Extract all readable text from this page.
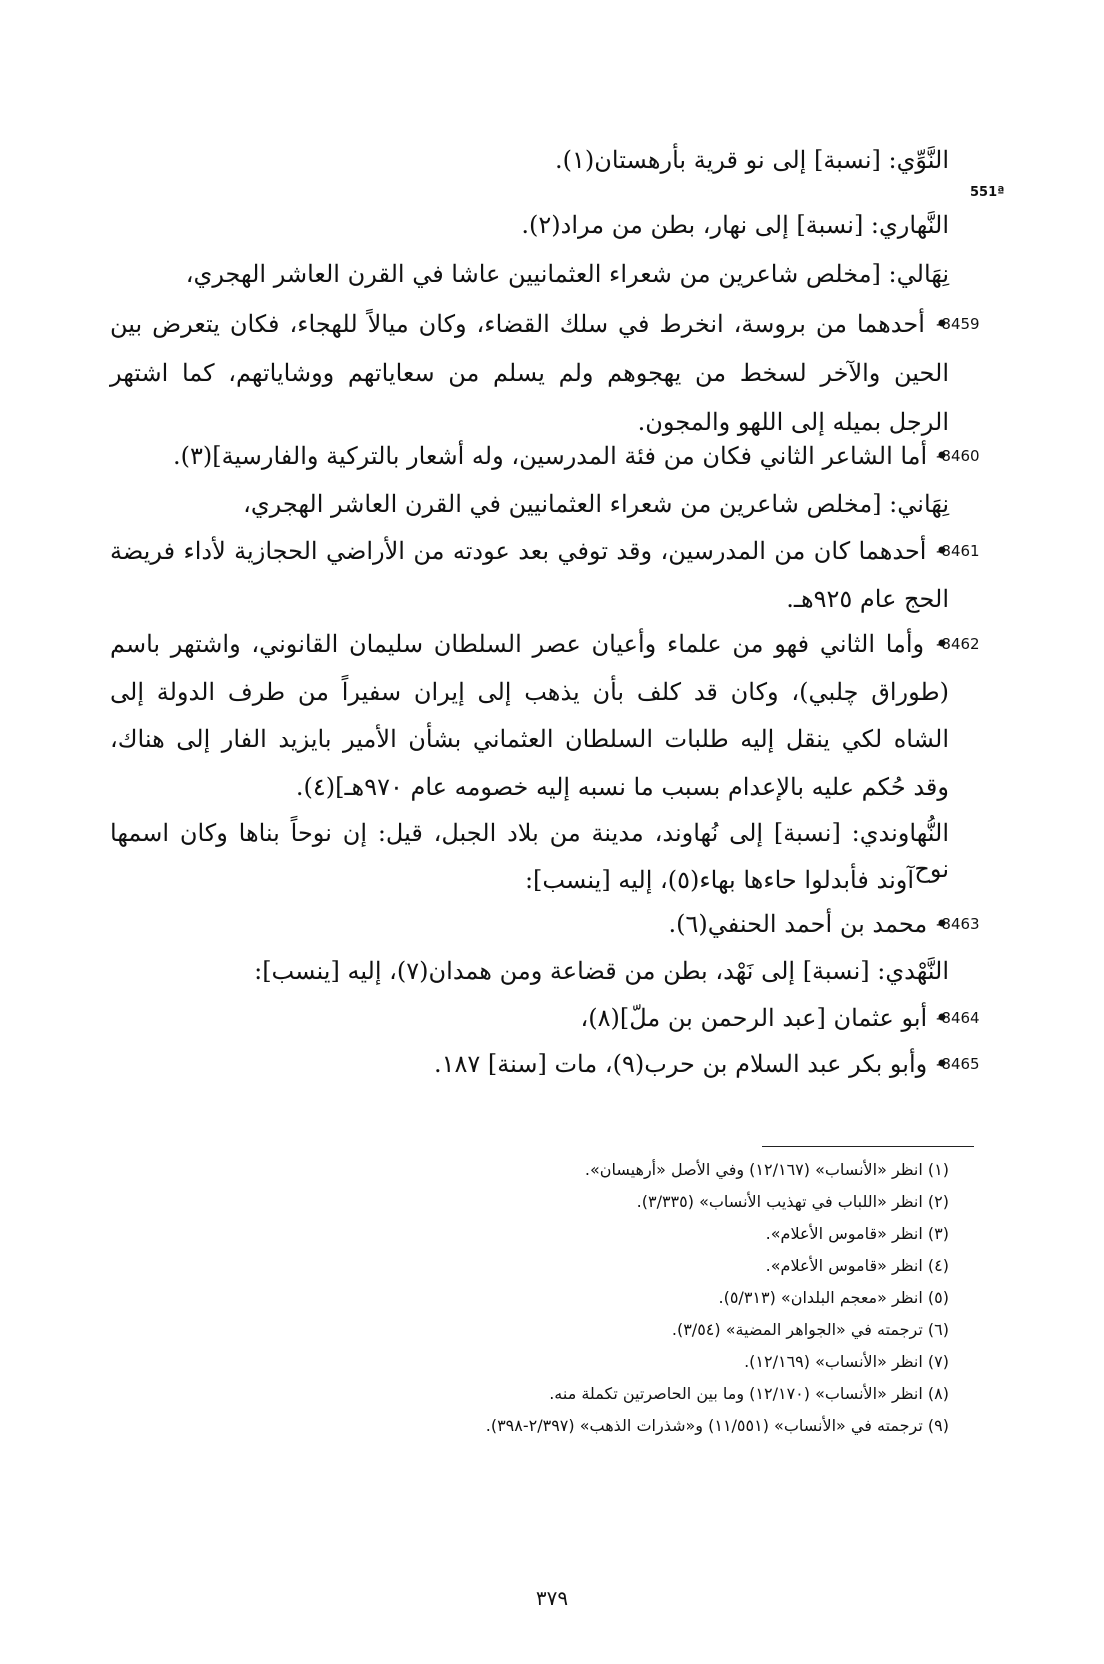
551ª
النَّوِّي: [نسبة] إلى نو قرية بأرهستان(١).
النَّهاري: [نسبة] إلى نهار، بطن من مراد(٢).
نِهَالي: [مخلص شاعرين من شعراء العثمانيين عاشا في القرن العاشر الهجري،
-8459
• أحدهما من بروسة، انخرط في سلك القضاء، وكان ميالاً للهجاء، فكان يتعرض بين
الحين والآخر لسخط من يهجوهم ولم يسلم من سعاياتهم ووشاياتهم، كما اشتهر
الرجل بميله إلى اللهو والمجون.
-8460
• أما الشاعر الثاني فكان من فئة المدرسين، وله أشعار بالتركية والفارسية](٣).
نِهَاني: [مخلص شاعرين من شعراء العثمانيين في القرن العاشر الهجري،
-8461
• أحدهما كان من المدرسين، وقد توفي بعد عودته من الأراضي الحجازية لأداء فريضة
الحج عام ٩٢٥هـ.
-8462
• وأما الثاني فهو من علماء وأعيان عصر السلطان سليمان القانوني، واشتهر باسم
(طوراق چلبي)، وكان قد كلف بأن يذهب إلى إيران سفيراً من طرف الدولة إلى
الشاه لكي ينقل إليه طلبات السلطان العثماني بشأن الأمير بايزيد الفار إلى هناك،
وقد حُكم عليه بالإعدام بسبب ما نسبه إليه خصومه عام ٩٧٠هـ](٤).
النُّهاوندي: [نسبة] إلى نُهاوند، مدينة من بلاد الجبل، قيل: إن نوحاً بناها وكان اسمها نوح
آوند فأبدلوا حاءها بهاء(٥)، إليه [ينسب]:
-8463
• محمد بن أحمد الحنفي(٦).
النَّهْدي: [نسبة] إلى نَهْد، بطن من قضاعة ومن همدان(٧)، إليه [ينسب]:
-8464
• أبو عثمان [عبد الرحمن بن ملّ](٨)،
-8465
• وأبو بكر عبد السلام بن حرب(٩)، مات [سنة] ١٨٧.
(١) انظر «الأنساب» (١٢/١٦٧) وفي الأصل «أرهيسان».
(٢) انظر «اللباب في تهذيب الأنساب» (٣/٣٣٥).
(٣) انظر «قاموس الأعلام».
(٤) انظر «قاموس الأعلام».
(٥) انظر «معجم البلدان» (٥/٣١٣).
(٦) ترجمته في «الجواهر المضية» (٣/٥٤).
(٧) انظر «الأنساب» (١٢/١٦٩).
(٨) انظر «الأنساب» (١٢/١٧٠) وما بين الحاصرتين تكملة منه.
(٩) ترجمته في «الأنساب» (١١/٥٥١) و«شذرات الذهب» (٢/٣٩٧-٣٩٨).
٣٧٩
